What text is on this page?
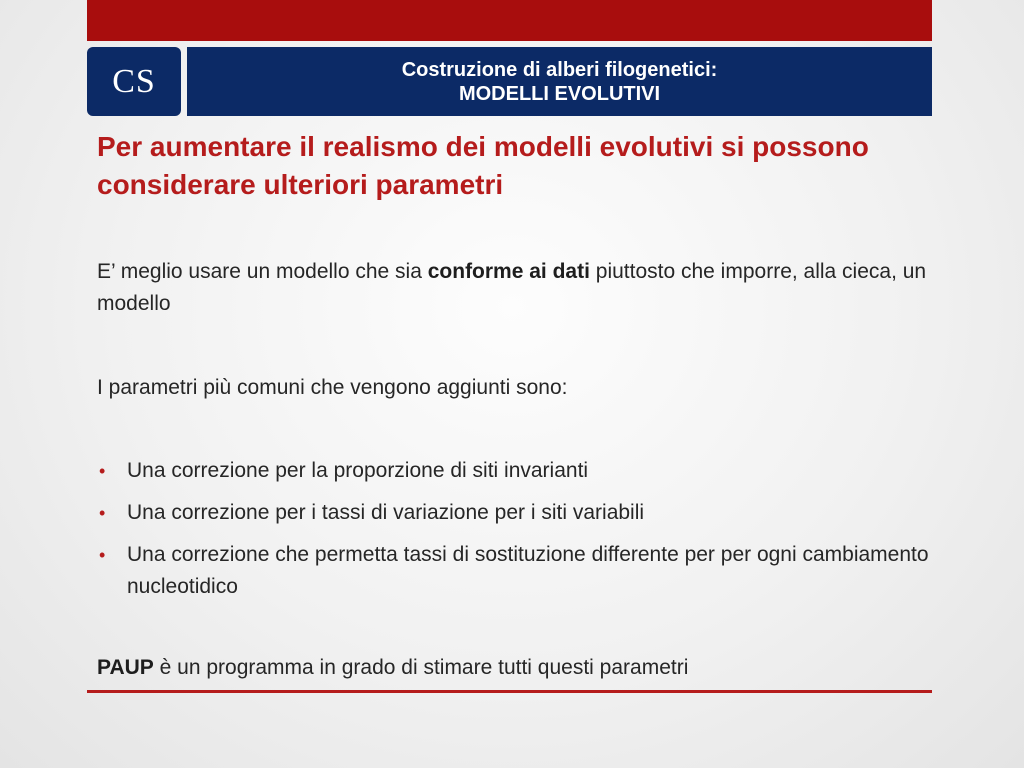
CS	Costruzione di alberi filogenetici:
MODELLI EVOLUTIVI
Per aumentare il realismo dei modelli evolutivi si possono considerare ulteriori parametri

E’ meglio usare un modello che sia conforme ai dati piuttosto che imporre, alla cieca, un modello

I parametri più comuni che vengono aggiunti sono:

• Una correzione per la proporzione di siti invarianti
• Una correzione per i tassi di variazione per i siti variabili
• Una correzione che permetta tassi di sostituzione differente per per ogni cambiamento nucleotidico

PAUP è un programma in grado di stimare tutti questi parametri
